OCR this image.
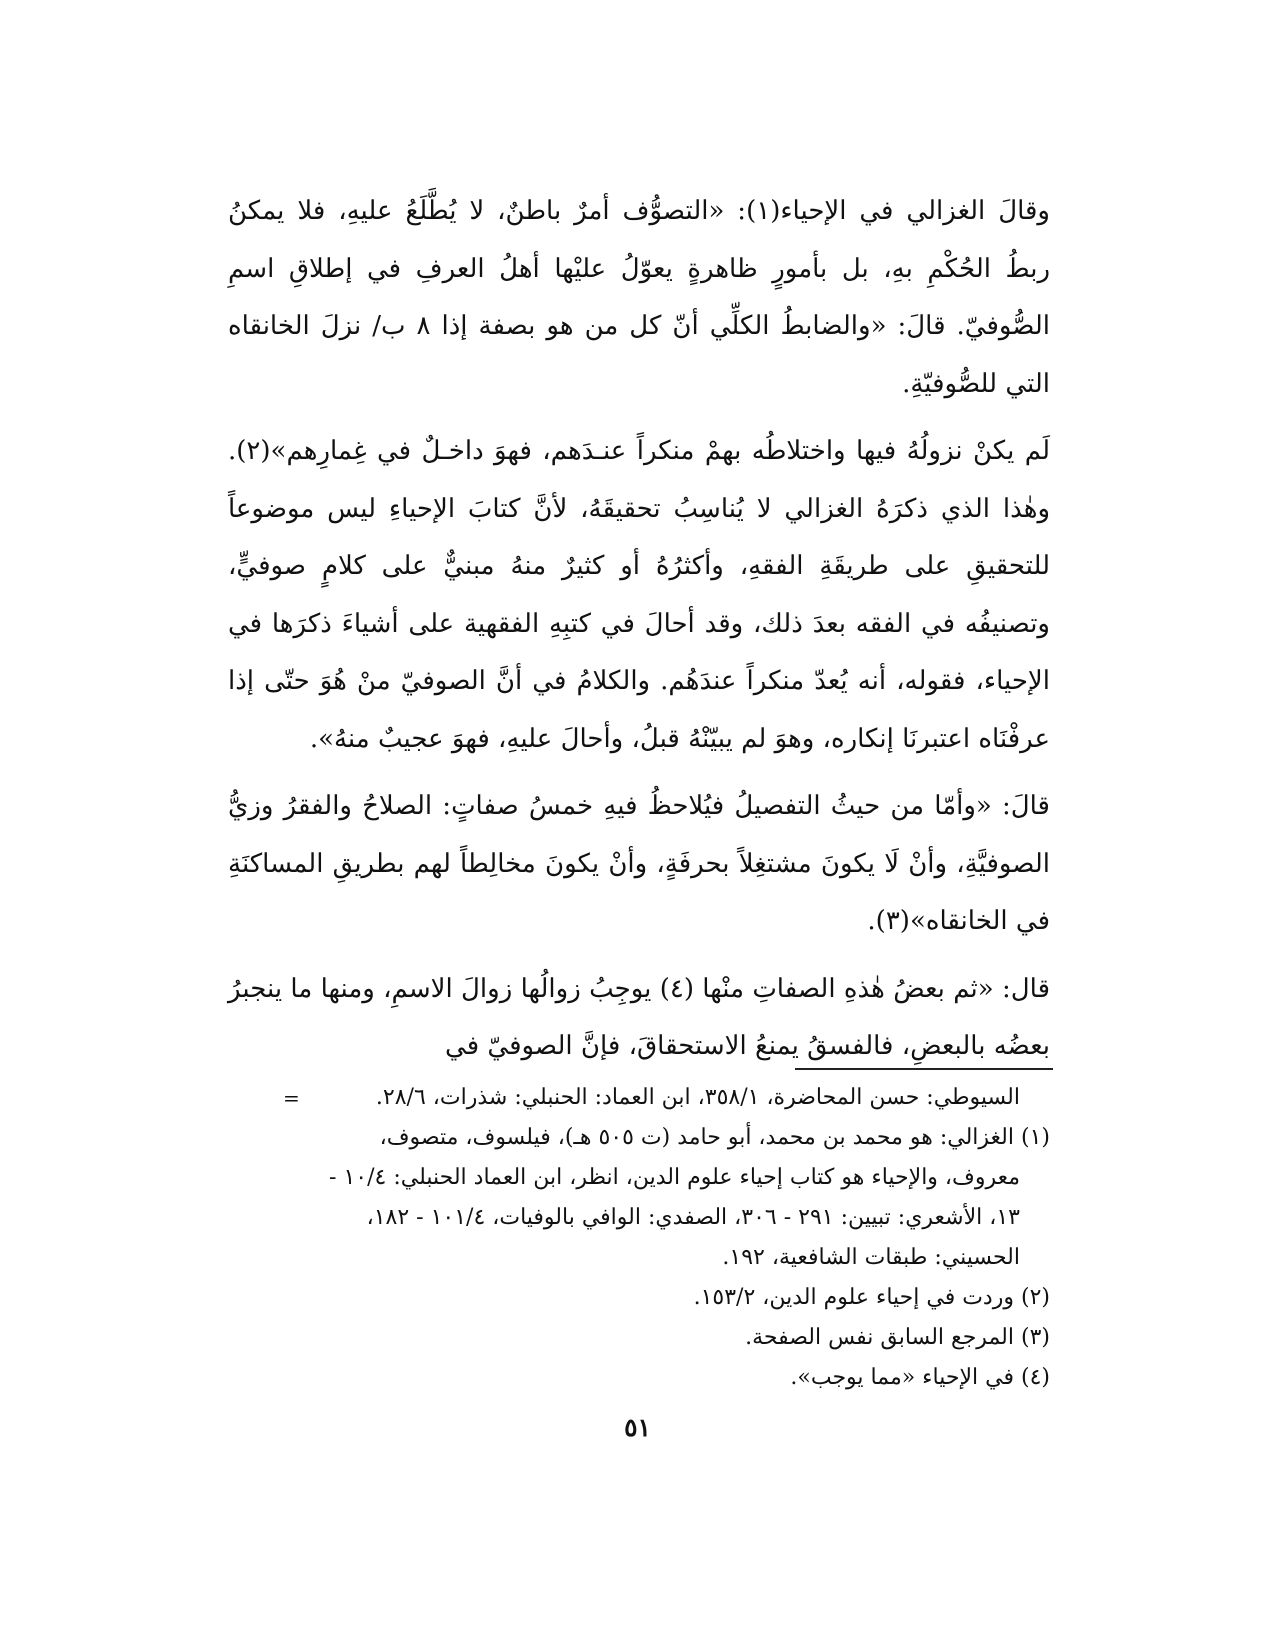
وقالَ الغزالي في الإحياء(١): «التصوُّف أمرٌ باطنٌ، لا يُطَّلَعُ عليهِ، فلا يمكنُ ربطُ الحُكْمِ بهِ، بل بأمورٍ ظاهرةٍ يعوّلُ عليْها أهلُ العرفِ في إطلاقِ اسمِ الصُّوفيّ. قالَ: «والضابطُ الكلِّي أنّ كل من هو بصفة إذا ٨ ب/ نزلَ الخانقاه التي للصُّوفيّةِ.

لَم يكنْ نزولُهُ فيها واختلاطُه بهمْ منكراً عنـدَهم، فهوَ داخـلٌ في غِمارِهم»(٢). وهٰذا الذي ذكرَهُ الغزالي لا يُناسِبُ تحقيقَهُ، لأنَّ كتابَ الإحياءِ ليس موضوعاً للتحقيقِ على طريقَةِ الفقهِ، وأكثرُهُ أو كثيرٌ منهُ مبنيٌّ على كلامٍ صوفيٍّ، وتصنيفُه في الفقه بعدَ ذلك، وقد أحالَ في كتبِهِ الفقهية على أشياءَ ذكرَها في الإحياء، فقوله، أنه يُعدّ منكراً عندَهُم. والكلامُ في أنَّ الصوفيّ منْ هُوَ حتّى إذا عرفْنَاه اعتبرنَا إنكاره، وهوَ لم يبيّنْهُ قبلُ، وأحالَ عليهِ، فهوَ عجيبٌ منهُ».

قالَ: «وأمّا من حيثُ التفصيلُ فيُلاحظُ فيهِ خمسُ صفاتٍ: الصلاحُ والفقرُ وزيُّ الصوفيَّةِ، وأنْ لَا يكونَ مشتغِلاً بحرفَةٍ، وأنْ يكونَ مخالِطاً لهم بطريقِ المساكنَةِ في الخانقاه»(٣).

قال: «ثم بعضُ هٰذهِ الصفاتِ منْها (٤) يوجِبُ زوالُها زوالَ الاسمِ، ومنها ما ينجبرُ بعضُه بالبعضِ، فالفسقُ يمنعُ الاستحقاقَ، فإنَّ الصوفيّ في

=	السيوطي: حسن المحاضرة، ٣٥٨/١، ابن العماد: الحنبلي: شذرات، ٢٨/٦.

(١) الغزالي: هو محمد بن محمد، أبو حامد (ت ٥٠٥ هـ)، فيلسوف، متصوف،

معروف، والإحياء هو كتاب إحياء علوم الدين، انظر، ابن العماد الحنبلي: ١٠/٤ -

١٣، الأشعري: تبيين: ٢٩١ - ٣٠٦، الصفدي: الوافي بالوفيات، ١٠١/٤ - ١٨٢،

الحسيني: طبقات الشافعية، ١٩٢.

(٢) وردت في إحياء علوم الدين، ١٥٣/٢.

(٣) المرجع السابق نفس الصفحة.

(٤) في الإحياء «مما يوجب».

٥١
